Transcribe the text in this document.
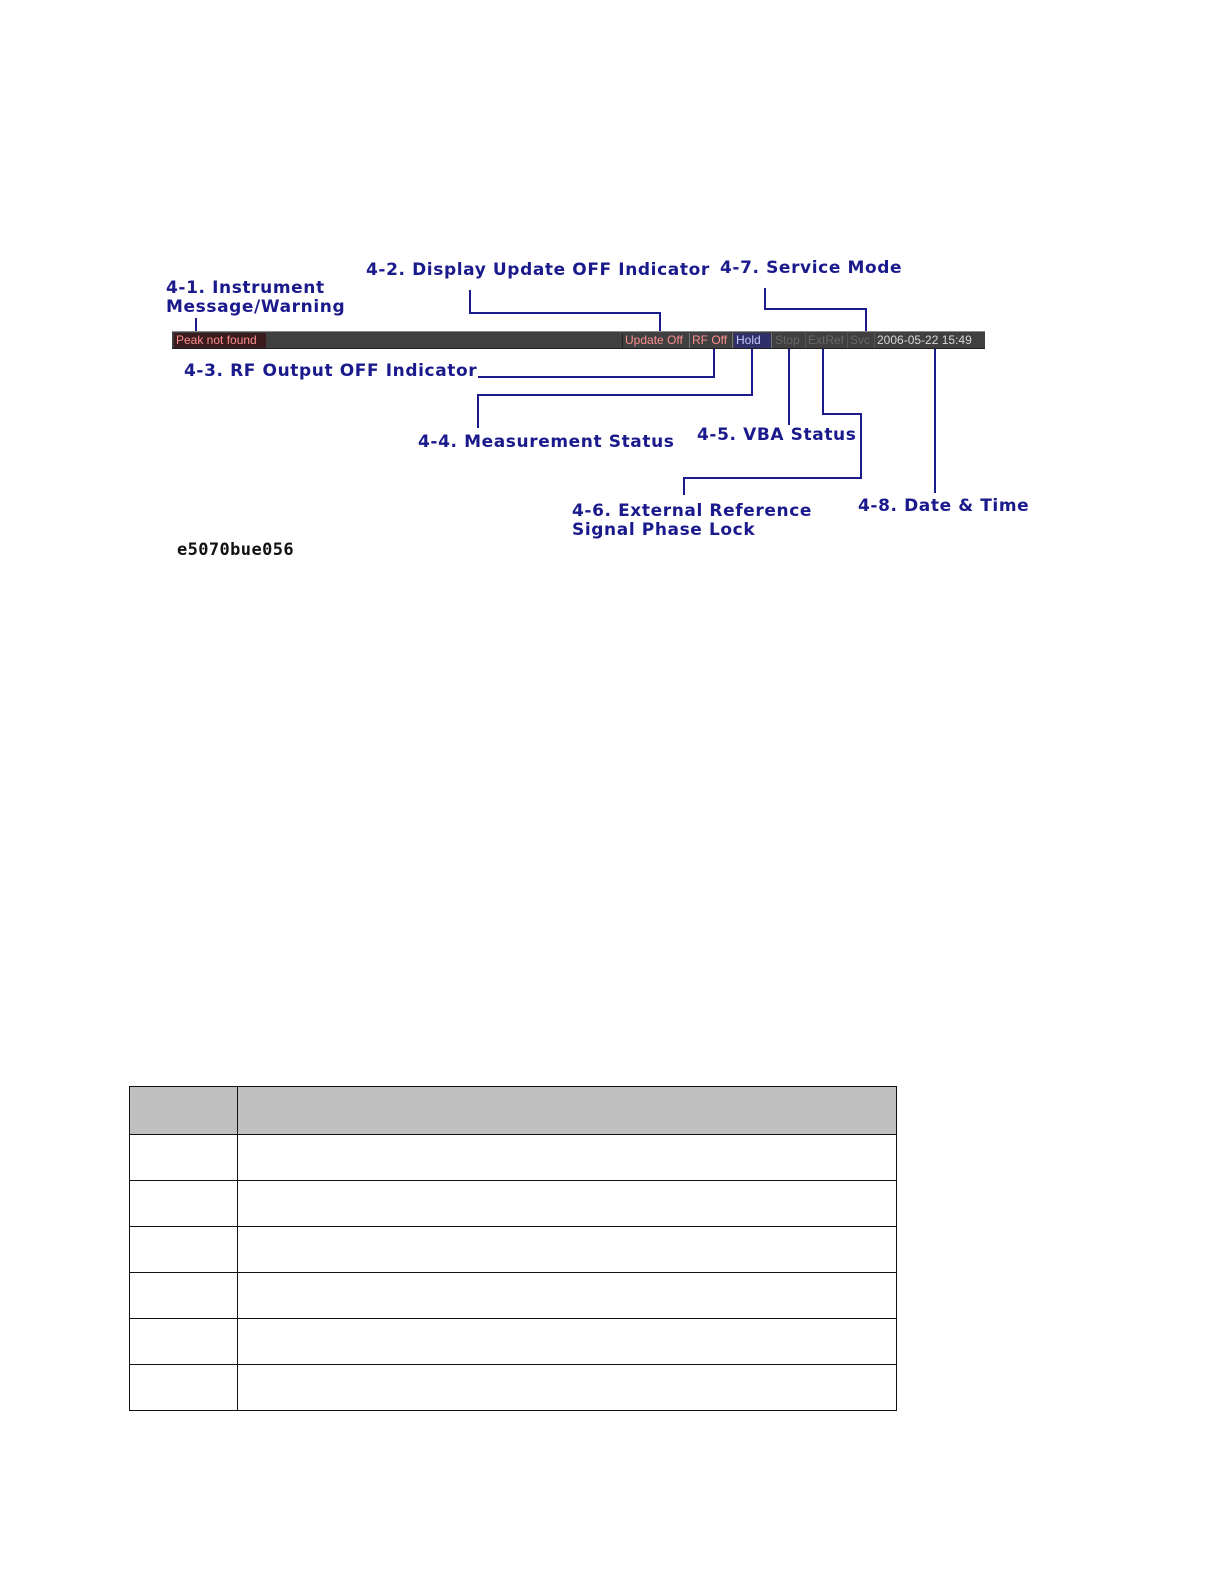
4-1. Instrument
Message/Warning
4-2. Display Update OFF Indicator 4-7. Service Mode
4-3. RF Output OFF Indicator
4-4. Measurement Status 4-5. VBA Status
4-6. External Reference
Signal Phase Lock
4-8. Date & Time
Peak not found	Update Off RF Off Hold	Stop ExtRef Svc 2006-05-22 15:49
e5070bue056
